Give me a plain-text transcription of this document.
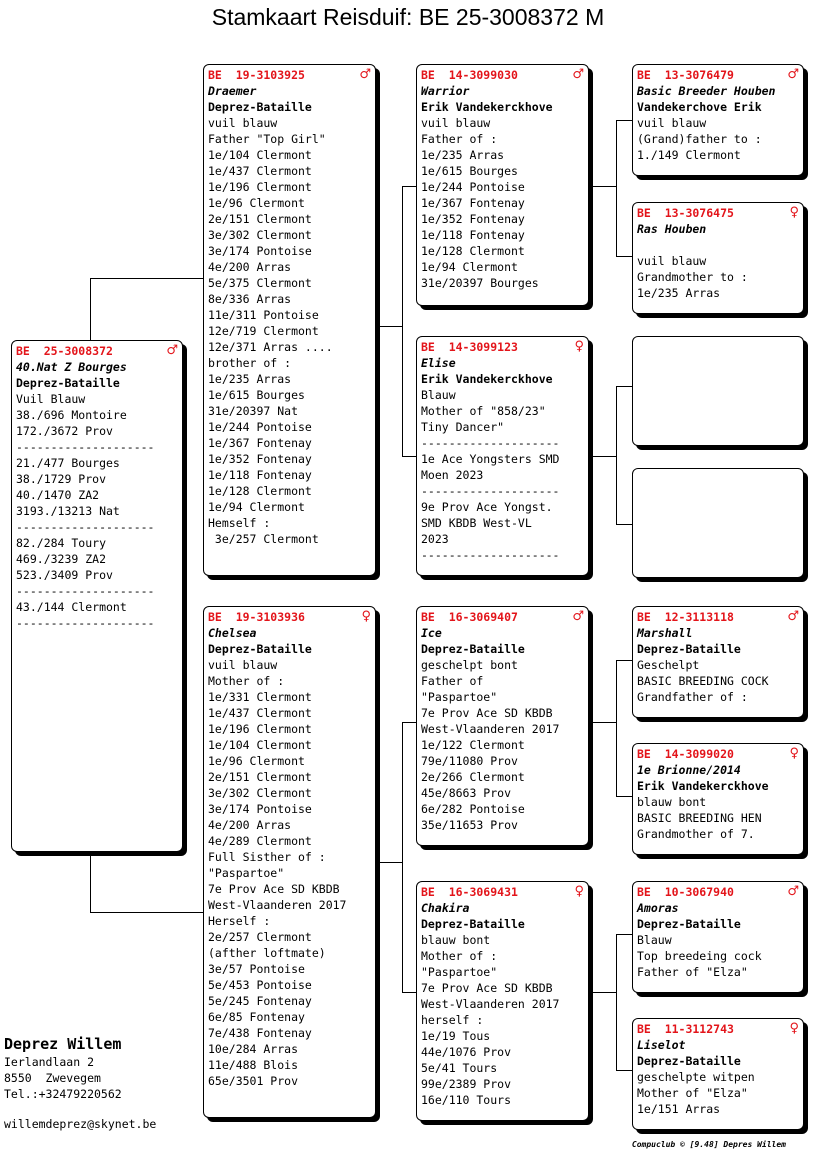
Stamkaart Reisduif: BE 25-3008372 M
BE  25-3008372	♂
40.Nat Z Bourges
Deprez-Bataille
Vuil Blauw
38./696 Montoire
172./3672 Prov
--------------------
21./477 Bourges
38./1729 Prov
40./1470 ZA2
3193./13213 Nat
--------------------
82./284 Toury
469./3239 ZA2
523./3409 Prov
--------------------
43./144 Clermont
--------------------
BE  19-3103925	♂
Draemer
Deprez-Bataille
vuil blauw
Father "Top Girl"
1e/104 Clermont
1e/437 Clermont
1e/196 Clermont
1e/96 Clermont
2e/151 Clermont
3e/302 Clermont
3e/174 Pontoise
4e/200 Arras
5e/375 Clermont
8e/336 Arras
11e/311 Pontoise
12e/719 Clermont
12e/371 Arras ....
brother of :
1e/235 Arras
1e/615 Bourges
31e/20397 Nat
1e/244 Pontoise
1e/367 Fontenay
1e/352 Fontenay
1e/118 Fontenay
1e/128 Clermont
1e/94 Clermont
Hemself :
3e/257 Clermont
BE  19-3103936	♀
Chelsea
Deprez-Bataille
vuil blauw
Mother of :
1e/331 Clermont
1e/437 Clermont
1e/196 Clermont
1e/104 Clermont
1e/96 Clermont
2e/151 Clermont
3e/302 Clermont
3e/174 Pontoise
4e/200 Arras
4e/289 Clermont
Full Sisther of :
"Paspartoe"
7e Prov Ace SD KBDB
West-Vlaanderen 2017
Herself :
2e/257 Clermont
(afther loftmate)
3e/57 Pontoise
5e/453 Pontoise
5e/245 Fontenay
6e/85 Fontenay
7e/438 Fontenay
10e/284 Arras
11e/488 Blois
65e/3501 Prov
BE  14-3099030	♂
Warrior
Erik Vandekerckhove
vuil blauw
Father of :
1e/235 Arras
1e/615 Bourges
1e/244 Pontoise
1e/367 Fontenay
1e/352 Fontenay
1e/118 Fontenay
1e/128 Clermont
1e/94 Clermont
31e/20397 Bourges
BE  14-3099123	♀
Elise
Erik Vandekerckhove
Blauw
Mother of "858/23"
Tiny Dancer"
--------------------
1e Ace Yongsters SMD
Moen 2023
--------------------
9e Prov Ace Yongst.
SMD KBDB West-VL
2023
--------------------
BE  16-3069407	♂
Ice
Deprez-Bataille
geschelpt bont
Father of
"Paspartoe"
7e Prov Ace SD KBDB
West-Vlaanderen 2017
1e/122 Clermont
79e/11080 Prov
2e/266 Clermont
45e/8663 Prov
6e/282 Pontoise
35e/11653 Prov
BE  16-3069431	♀
Chakira
Deprez-Bataille
blauw bont
Mother of :
"Paspartoe"
7e Prov Ace SD KBDB
West-Vlaanderen 2017
herself :
1e/19 Tous
44e/1076 Prov
5e/41 Tours
99e/2389 Prov
16e/110 Tours
BE  13-3076479	♂
Basic Breeder Houben
Vandekerchove Erik
vuil blauw
(Grand)father to :
1./149 Clermont
BE  13-3076475	♀
Ras Houben
vuil blauw
Grandmother to :
1e/235 Arras
BE  12-3113118	♂
Marshall
Deprez-Bataille
Geschelpt
BASIC BREEDING COCK
Grandfather of :
BE  14-3099020	♀
1e Brionne/2014
Erik Vandekerckhove
blauw bont
BASIC BREEDING HEN
Grandmother of 7.
BE  10-3067940	♂
Amoras
Deprez-Bataille
Blauw
Top breedeing cock
Father of "Elza"
BE  11-3112743	♀
Liselot
Deprez-Bataille
geschelpte witpen
Mother of "Elza"
1e/151 Arras
Deprez Willem
Ierlandlaan 2
8550  Zwevegem
Tel.:+32479220562
willemdeprez@skynet.be
Compuclub © [9.48] Depres Willem
